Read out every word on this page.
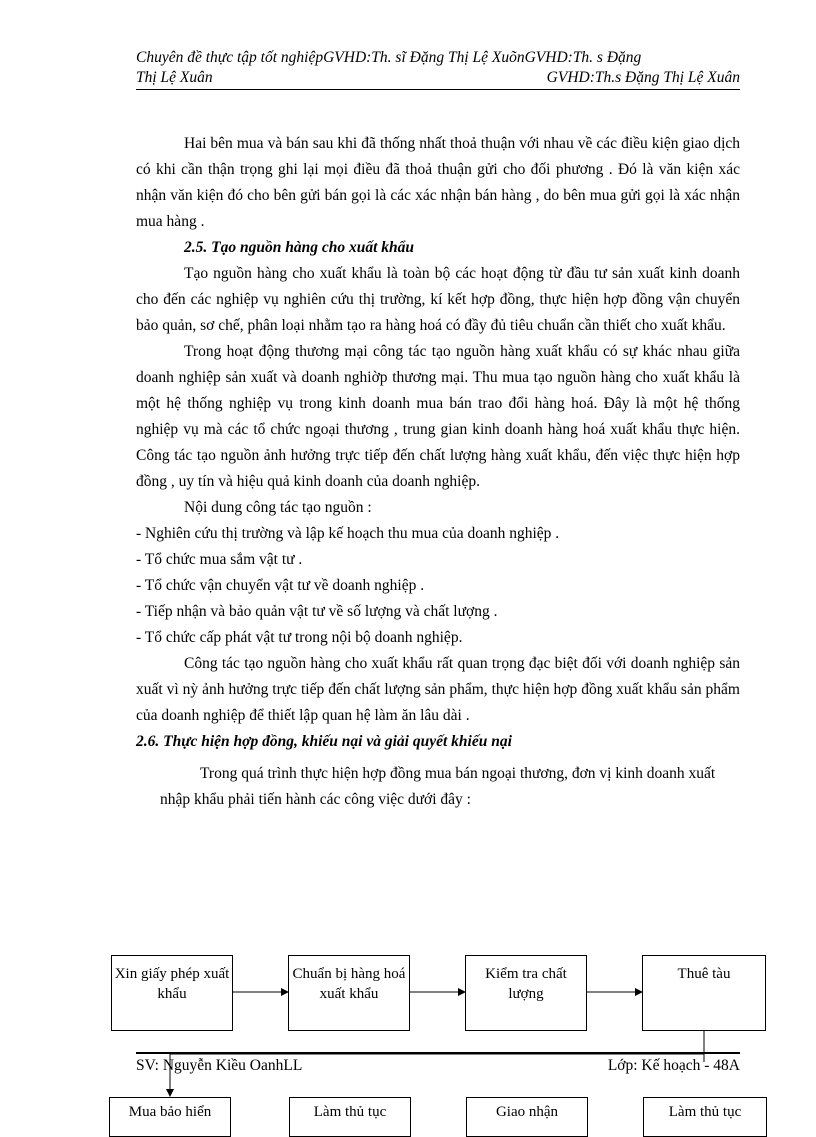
Chuyên đề thực tập tốt nghiệpGVHD:Th. sĩ Đặng Thị Lệ XuõnGVHD:Th. s Đặng
Thị Lệ Xuân	GVHD:Th.s Đặng Thị Lệ Xuân

Hai bên mua và bán sau khi đã thống nhất thoả thuận với nhau về các điều kiện giao dịch có khi cần thận trọng ghi lại mọi điều đã thoả thuận gửi cho đối phương . Đó là văn kiện xác nhận văn kiện đó cho bên gửi bán gọi là các xác nhận bán hàng , do bên mua gửi gọi là xác nhận mua hàng .

2.5. Tạo nguồn hàng cho xuất khẩu

Tạo nguồn hàng cho xuất khẩu là toàn bộ các hoạt động từ đầu tư sản xuất kinh doanh cho đến các nghiệp vụ nghiên cứu thị trường, kí kết hợp đồng, thực hiện hợp đồng vận chuyển bảo quản, sơ chế, phân loại nhằm tạo ra hàng hoá có đầy đủ tiêu chuẩn cần thiết cho xuất khẩu.

Trong hoạt động thương mại công tác tạo nguồn hàng xuất khẩu có sự khác nhau giữa doanh nghiệp sản xuất và doanh nghiờp thương mại. Thu mua tạo nguồn hàng cho xuất khẩu là một hệ thống nghiệp vụ trong kinh doanh mua bán trao đổi hàng hoá. Đây là một hệ thống nghiệp vụ mà các tổ chức ngoại thương , trung gian kinh doanh hàng hoá xuất khẩu thực hiện. Công tác tạo nguồn ảnh hưởng trực tiếp đến chất lượng hàng xuất khẩu, đến việc thực hiện hợp đồng , uy tín và hiệu quả kinh doanh của doanh nghiệp.

Nội dung công tác tạo nguồn :

- Nghiên cứu thị trường và lập kế hoạch thu mua của doanh nghiệp .
- Tổ chức mua sắm vật tư .
- Tổ chức vận chuyển vật tư về doanh nghiệp .
- Tiếp nhận và bảo quản vật tư về số lượng và chất lượng .
- Tổ chức cấp phát vật tư trong nội bộ doanh nghiệp.

Công tác tạo nguồn hàng cho xuất khẩu rất quan trọng đạc biệt đối với doanh nghiệp sản xuất vì nỳ ảnh hưởng trực tiếp đến chất lượng sản phẩm, thực hiện hợp đồng xuất khẩu sản phẩm của doanh nghiệp để thiết lập quan hệ làm ăn lâu dài .

2.6. Thực hiện hợp đồng, khiếu nại và giải quyết khiếu nại

Trong quá trình thực hiện hợp đồng mua bán ngoại thương, đơn vị kinh doanh xuất nhập khẩu phải tiến hành các công việc dưới đây :

Xin giấy phép xuất khẩu
Chuẩn bị hàng hoá xuất khẩu
Kiểm tra chất lượng
Thuê tàu
Mua bảo hiển	Làm thủ tục	Giao nhận	Làm thủ tục
SV: Nguyễn Kiều OanhLL	Lớp: Kế hoạch - 48A
